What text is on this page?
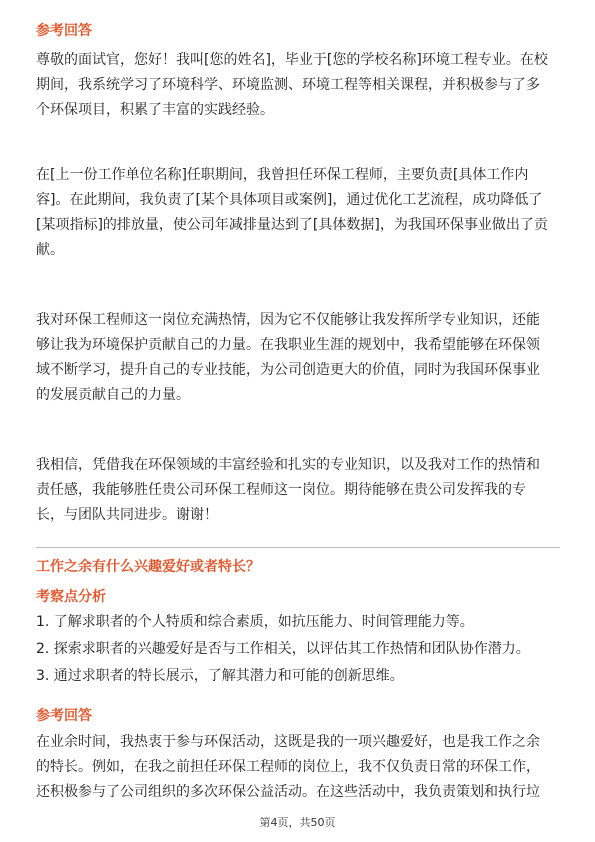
参考回答
尊敬的面试官，您好！我叫[您的姓名]，毕业于[您的学校名称]环境工程专业。在校
期间，我系统学习了环境科学、环境监测、环境工程等相关课程，并积极参与了多
个环保项目，积累了丰富的实践经验。
在[上一份工作单位名称]任职期间，我曾担任环保工程师，主要负责[具体工作内
容]。在此期间，我负责了[某个具体项目或案例]，通过优化工艺流程，成功降低了
[某项指标]的排放量，使公司年减排量达到了[具体数据]，为我国环保事业做出了贡
献。
我对环保工程师这一岗位充满热情，因为它不仅能够让我发挥所学专业知识，还能
够让我为环境保护贡献自己的力量。在我职业生涯的规划中，我希望能够在环保领
域不断学习，提升自己的专业技能，为公司创造更大的价值，同时为我国环保事业
的发展贡献自己的力量。
我相信，凭借我在环保领域的丰富经验和扎实的专业知识，以及我对工作的热情和
责任感，我能够胜任贵公司环保工程师这一岗位。期待能够在贵公司发挥我的专
长，与团队共同进步。谢谢！
工作之余有什么兴趣爱好或者特长？
考察点分析
1. 了解求职者的个人特质和综合素质，如抗压能力、时间管理能力等。
2. 探索求职者的兴趣爱好是否与工作相关，以评估其工作热情和团队协作潜力。
3. 通过求职者的特长展示，了解其潜力和可能的创新思维。
参考回答
在业余时间，我热衷于参与环保活动，这既是我的一项兴趣爱好，也是我工作之余
的特长。例如，在我之前担任环保工程师的岗位上，我不仅负责日常的环保工作，
还积极参与了公司组织的多次环保公益活动。在这些活动中，我负责策划和执行垃
第4页，共50页
